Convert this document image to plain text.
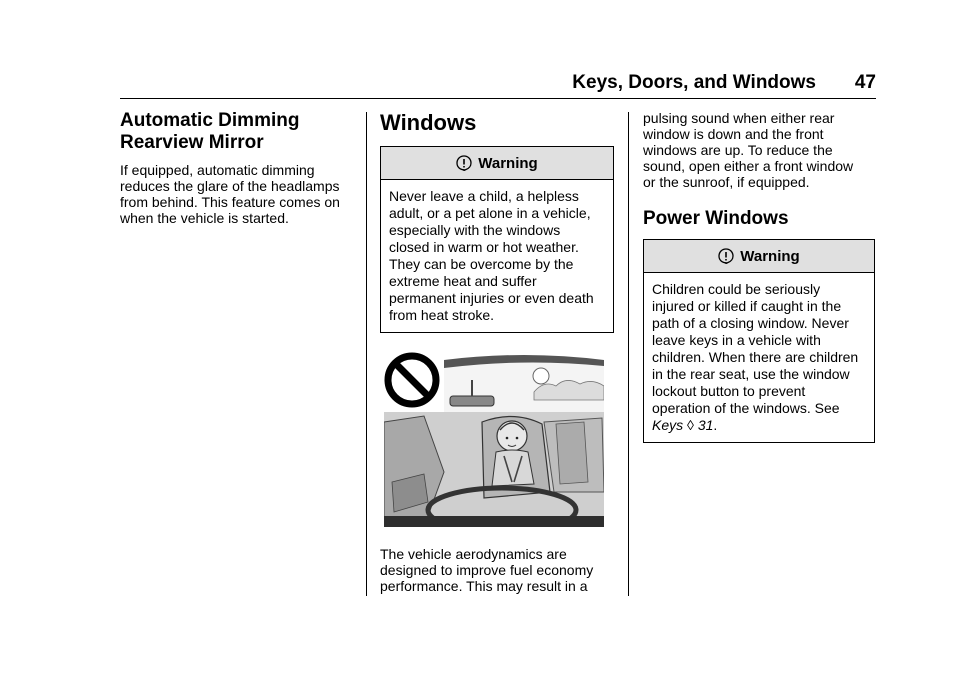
Keys, Doors, and Windows 47
Automatic Dimming
Rearview Mirror

If equipped, automatic dimming
reduces the glare of the headlamps
from behind. This feature comes on
when the vehicle is started.

Windows
Warning
Never leave a child, a helpless
adult, or a pet alone in a vehicle,
especially with the windows
closed in warm or hot weather.
They can be overcome by the
extreme heat and suffer
permanent injuries or even death
from heat stroke.

The vehicle aerodynamics are
designed to improve fuel economy
performance. This may result in a

pulsing sound when either rear
window is down and the front
windows are up. To reduce the
sound, open either a front window
or the sunroof, if equipped.

Power Windows
Warning
Children could be seriously
injured or killed if caught in the
path of a closing window. Never
leave keys in a vehicle with
children. When there are children
in the rear seat, use the window
lockout button to prevent
operation of the windows. See
Keys ◊ 31.
